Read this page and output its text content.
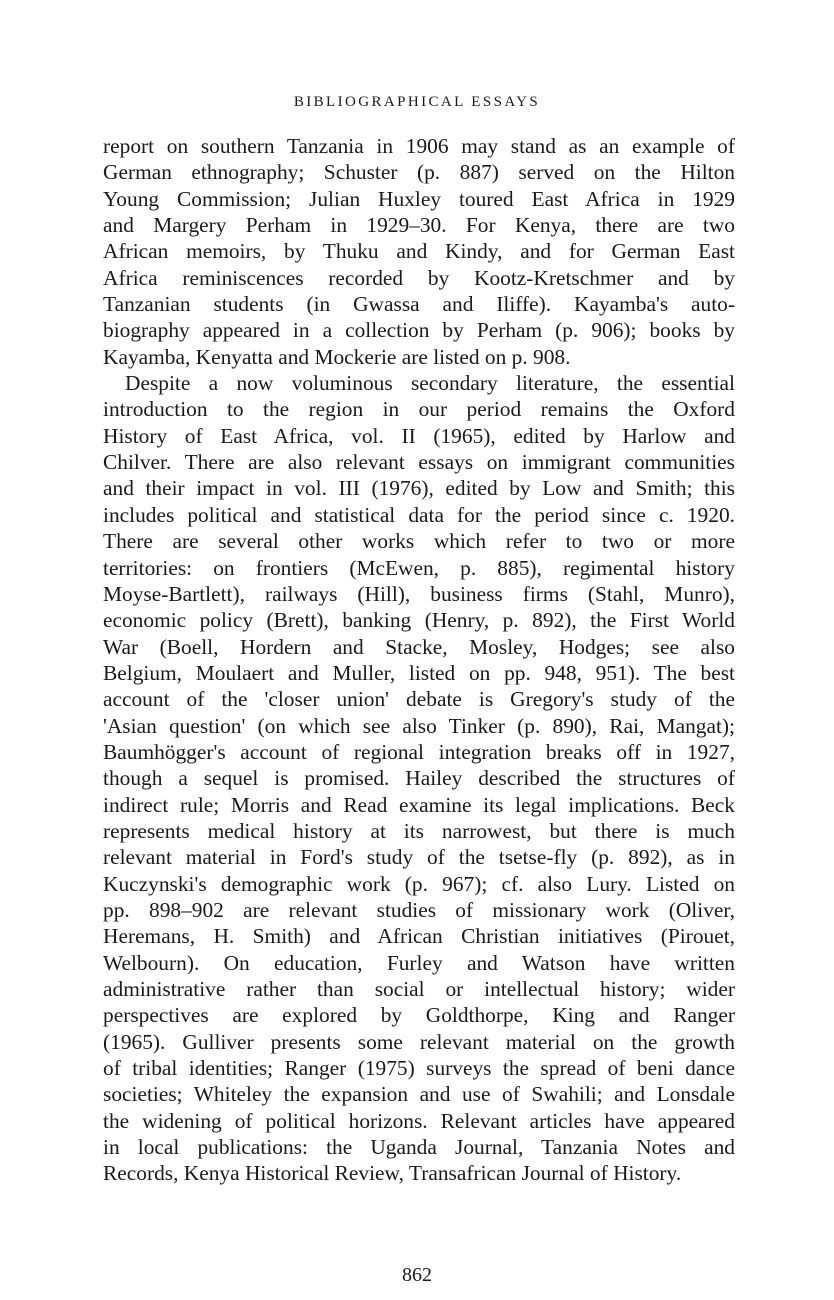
BIBLIOGRAPHICAL ESSAYS
report on southern Tanzania in 1906 may stand as an example of
German ethnography; Schuster (p. 887) served on the Hilton
Young Commission; Julian Huxley toured East Africa in 1929
and Margery Perham in 1929–30. For Kenya, there are two
African memoirs, by Thuku and Kindy, and for German East
Africa reminiscences recorded by Kootz-Kretschmer and by
Tanzanian students (in Gwassa and Iliffe). Kayamba's auto-
biography appeared in a collection by Perham (p. 906); books by
Kayamba, Kenyatta and Mockerie are listed on p. 908.
Despite a now voluminous secondary literature, the essential
introduction to the region in our period remains the Oxford
History of East Africa, vol. II (1965), edited by Harlow and
Chilver. There are also relevant essays on immigrant communities
and their impact in vol. III (1976), edited by Low and Smith; this
includes political and statistical data for the period since c. 1920.
There are several other works which refer to two or more
territories: on frontiers (McEwen, p. 885), regimental history
Moyse-Bartlett), railways (Hill), business firms (Stahl, Munro),
economic policy (Brett), banking (Henry, p. 892), the First World
War (Boell, Hordern and Stacke, Mosley, Hodges; see also
Belgium, Moulaert and Muller, listed on pp. 948, 951). The best
account of the 'closer union' debate is Gregory's study of the
'Asian question' (on which see also Tinker (p. 890), Rai, Mangat);
Baumhögger's account of regional integration breaks off in 1927,
though a sequel is promised. Hailey described the structures of
indirect rule; Morris and Read examine its legal implications. Beck
represents medical history at its narrowest, but there is much
relevant material in Ford's study of the tsetse-fly (p. 892), as in
Kuczynski's demographic work (p. 967); cf. also Lury. Listed on
pp. 898–902 are relevant studies of missionary work (Oliver,
Heremans, H. Smith) and African Christian initiatives (Pirouet,
Welbourn). On education, Furley and Watson have written
administrative rather than social or intellectual history; wider
perspectives are explored by Goldthorpe, King and Ranger
(1965). Gulliver presents some relevant material on the growth
of tribal identities; Ranger (1975) surveys the spread of beni dance
societies; Whiteley the expansion and use of Swahili; and Lonsdale
the widening of political horizons. Relevant articles have appeared
in local publications: the Uganda Journal, Tanzania Notes and
Records, Kenya Historical Review, Transafrican Journal of History.
862
